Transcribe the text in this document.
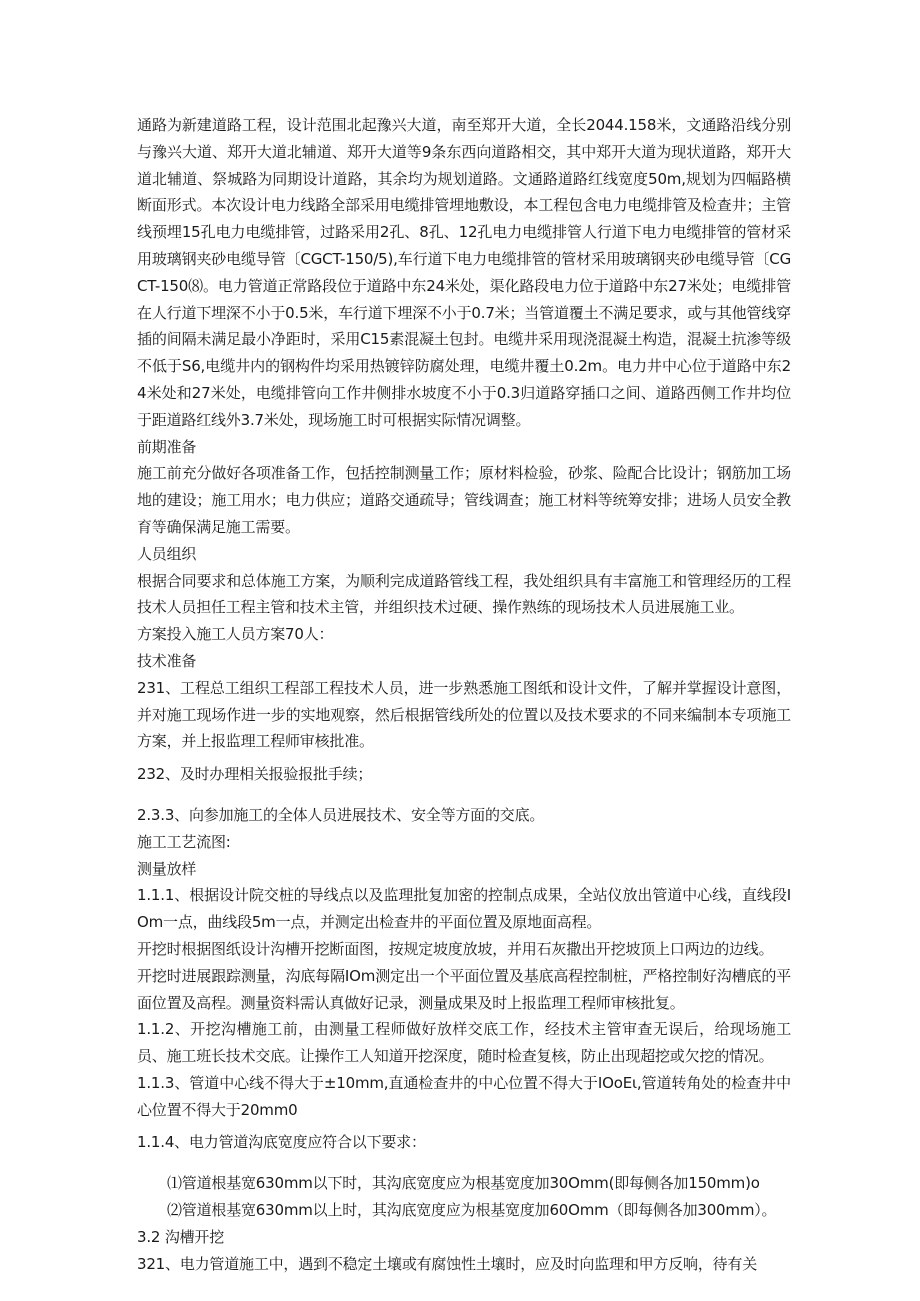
通路为新建道路工程，设计范围北起豫兴大道，南至郑开大道，全长2044.158米，文通路沿线分别与豫兴大道、郑开大道北辅道、郑开大道等9条东西向道路相交，其中郑开大道为现状道路，郑开大道北辅道、祭城路为同期设计道路，其余均为规划道路。文通路道路红线宽度50m,规划为四幅路横断面形式。本次设计电力线路全部采用电缆排管埋地敷设，本工程包含电力电缆排管及检查井；主管线预埋15孔电力电缆排管，过路采用2孔、8孔、12孔电力电缆排管人行道下电力电缆排管的管材采用玻璃钢夹砂电缆导管〔CGCT-150/5),车行道下电力电缆排管的管材采用玻璃钢夹砂电缆导管〔CGCT-150⑻。电力管道正常路段位于道路中东24米处，渠化路段电力位于道路中东27米处；电缆排管在人行道下埋深不小于0.5米，车行道下埋深不小于0.7米；当管道覆土不满足要求，或与其他管线穿插的间隔未满足最小净距时，采用C15素混凝土包封。电缆井采用现浇混凝土构造，混凝土抗渗等级不低于S6,电缆井内的钢构件均采用热镀锌防腐处理，电缆井覆土0.2m。电力井中心位于道路中东24米处和27米处，电缆排管向工作井侧排水坡度不小于0.3归道路穿插口之间、道路西侧工作井均位于距道路红线外3.7米处，现场施工时可根据实际情况调整。

前期准备

施工前充分做好各项准备工作，包括控制测量工作；原材料检验，砂浆、险配合比设计；钢筋加工场地的建设；施工用水；电力供应；道路交通疏导；管线调查；施工材料等统筹安排；进场人员安全教育等确保满足施工需要。

人员组织

根据合同要求和总体施工方案，为顺利完成道路管线工程，我处组织具有丰富施工和管理经历的工程技术人员担任工程主管和技术主管，并组织技术过硬、操作熟练的现场技术人员进展施工业。

方案投入施工人员方案70人：

技术准备

231、工程总工组织工程部工程技术人员，进一步熟悉施工图纸和设计文件，了解并掌握设计意图，并对施工现场作进一步的实地观察，然后根据管线所处的位置以及技术要求的不同来编制本专项施工方案，并上报监理工程师审核批准。

232、及时办理相关报验报批手续；

2.3.3、向参加施工的全体人员进展技术、安全等方面的交底。

施工工艺流图:
测量放样

1.1.1、根据设计院交桩的导线点以及监理批复加密的控制点成果，全站仪放出管道中心线，直线段IOm一点，曲线段5m一点，并测定出检查井的平面位置及原地面高程。

开挖时根据图纸设计沟槽开挖断面图，按规定坡度放坡，并用石灰撒出开挖坡顶上口两边的边线。

开挖时进展跟踪测量，沟底每隔IOm测定出一个平面位置及基底高程控制桩，严格控制好沟槽底的平面位置及高程。测量资料需认真做好记录，测量成果及时上报监理工程师审核批复。

1.1.2、开挖沟槽施工前，由测量工程师做好放样交底工作，经技术主管审查无误后，给现场施工员、施工班长技术交底。让操作工人知道开挖深度，随时检查复核，防止出现超挖或欠挖的情况。

1.1.3、管道中心线不得大于±10mm,直通检查井的中心位置不得大于IOoEι,管道转角处的检查井中心位置不得大于20mm0

1.1.4、电力管道沟底宽度应符合以下要求：

⑴管道根基宽630mm以下时，其沟底宽度应为根基宽度加30Omm(即每侧各加150mm)o

⑵管道根基宽630mm以上时，其沟底宽度应为根基宽度加60Omm（即每侧各加300mm）。

3.2 沟槽开挖

321、电力管道施工中，遇到不稳定土壤或有腐蚀性土壤时，应及时向监理和甲方反响，待有关
